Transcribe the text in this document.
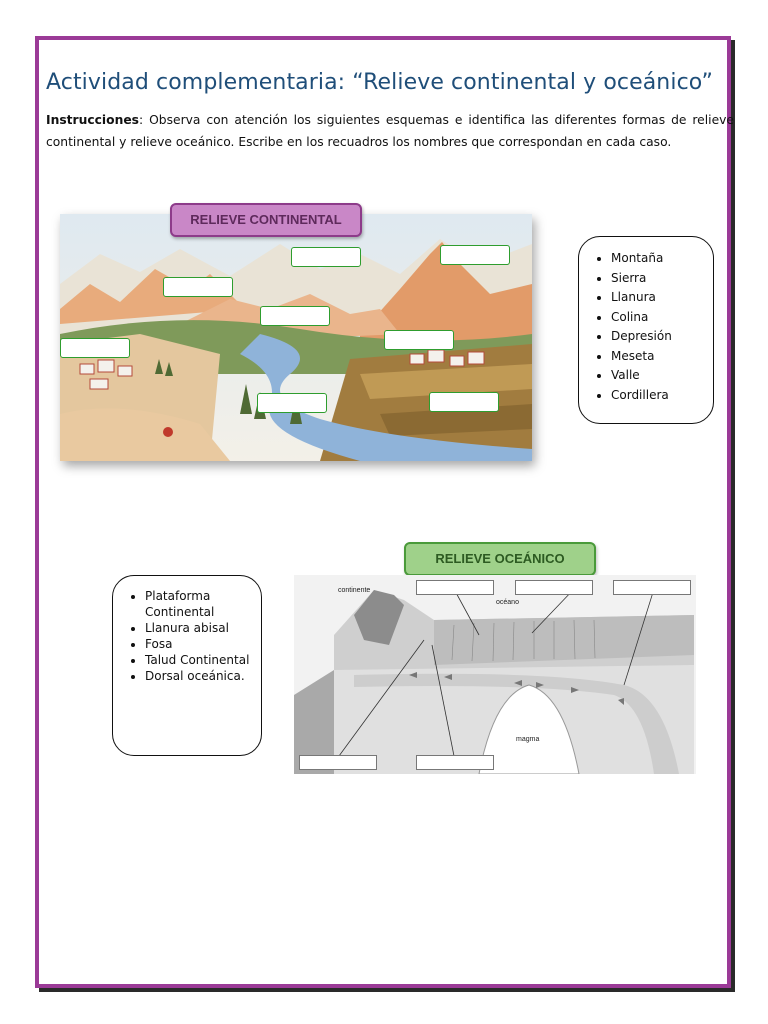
Actividad complementaria: “Relieve continental y oceánico”

Instrucciones: Observa con atención los siguientes esquemas e identifica las diferentes formas de relieve continental y relieve oceánico. Escribe en los recuadros los nombres que correspondan en cada caso.

RELIEVE CONTINENTAL
• Montaña
• Sierra
• Llanura
• Colina
• Depresión
• Meseta
• Valle
• Cordillera
RELIEVE OCEÁNICO
• Plataforma Continental
• Llanura abisal
• Fosa
• Talud Continental
• Dorsal oceánica.
continente
océano
magma
